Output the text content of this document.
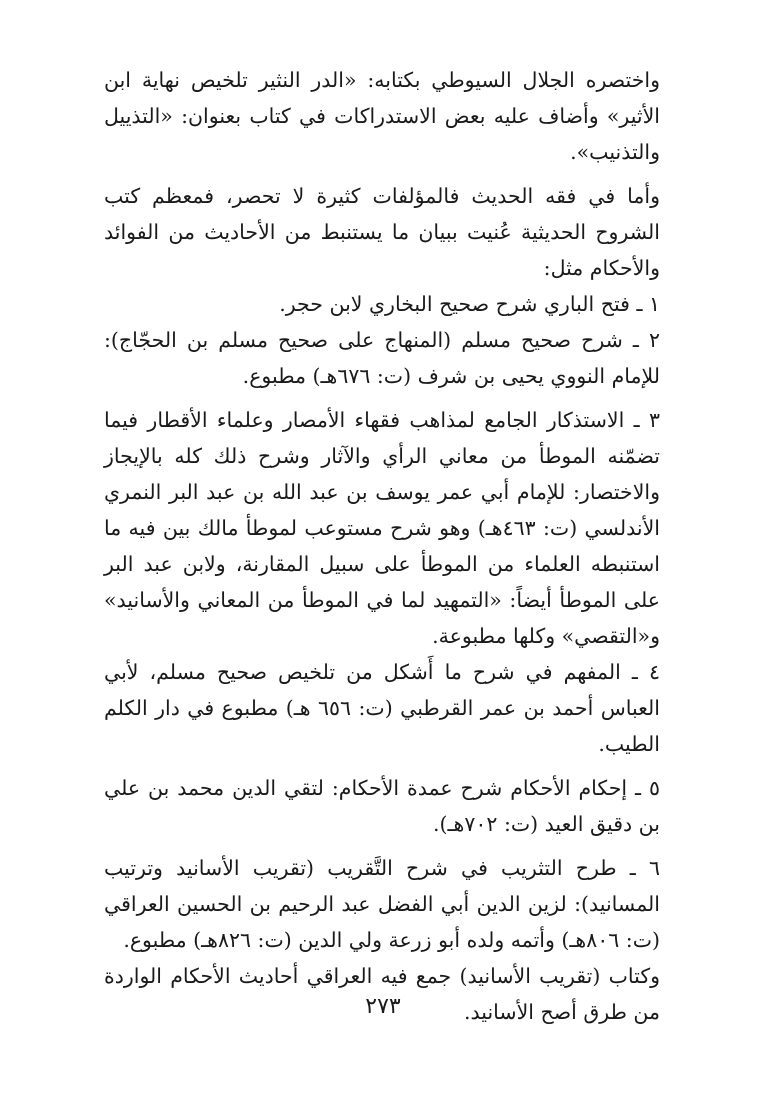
واختصره الجلال السيوطي بكتابه: «الدر النثير تلخيص نهاية ابن الأثير» وأضاف عليه بعض الاستدراكات في كتاب بعنوان: «التذييل والتذنيب».

وأما في فقه الحديث فالمؤلفات كثيرة لا تحصر، فمعظم كتب الشروح الحديثية عُنيت ببيان ما يستنبط من الأحاديث من الفوائد والأحكام مثل:

١ ـ فتح الباري شرح صحيح البخاري لابن حجر.

٢ ـ شرح صحيح مسلم (المنهاج على صحيح مسلم بن الحجّاج): للإمام النووي يحيى بن شرف (ت: ٦٧٦هـ) مطبوع.

٣ ـ الاستذكار الجامع لمذاهب فقهاء الأمصار وعلماء الأقطار فيما تضمّنه الموطأ من معاني الرأي والآثار وشرح ذلك كله بالإيجاز والاختصار: للإمام أبي عمر يوسف بن عبد الله بن عبد البر النمري الأندلسي (ت: ٤٦٣هـ) وهو شرح مستوعب لموطأ مالك بين فيه ما استنبطه العلماء من الموطأ على سبيل المقارنة، ولابن عبد البر على الموطأ أيضاً: «التمهيد لما في الموطأ من المعاني والأسانيد» و«التقصي» وكلها مطبوعة.

٤ ـ المفهم في شرح ما أَشكل من تلخيص صحيح مسلم، لأبي العباس أحمد بن عمر القرطبي (ت: ٦٥٦ هـ) مطبوع في دار الكلم الطيب.

٥ ـ إحكام الأحكام شرح عمدة الأحكام: لتقي الدين محمد بن علي بن دقيق العيد (ت: ٧٠٢هـ).

٦ ـ طرح التثريب في شرح التَّقريب (تقريب الأسانيد وترتيب المسانيد): لزين الدين أبي الفضل عبد الرحيم بن الحسين العراقي (ت: ٨٠٦هـ) وأتمه ولده أبو زرعة ولي الدين (ت: ٨٢٦هـ) مطبوع.

وكتاب (تقريب الأسانيد) جمع فيه العراقي أحاديث الأحكام الواردة من طرق أصح الأسانيد.

٢٧٣
